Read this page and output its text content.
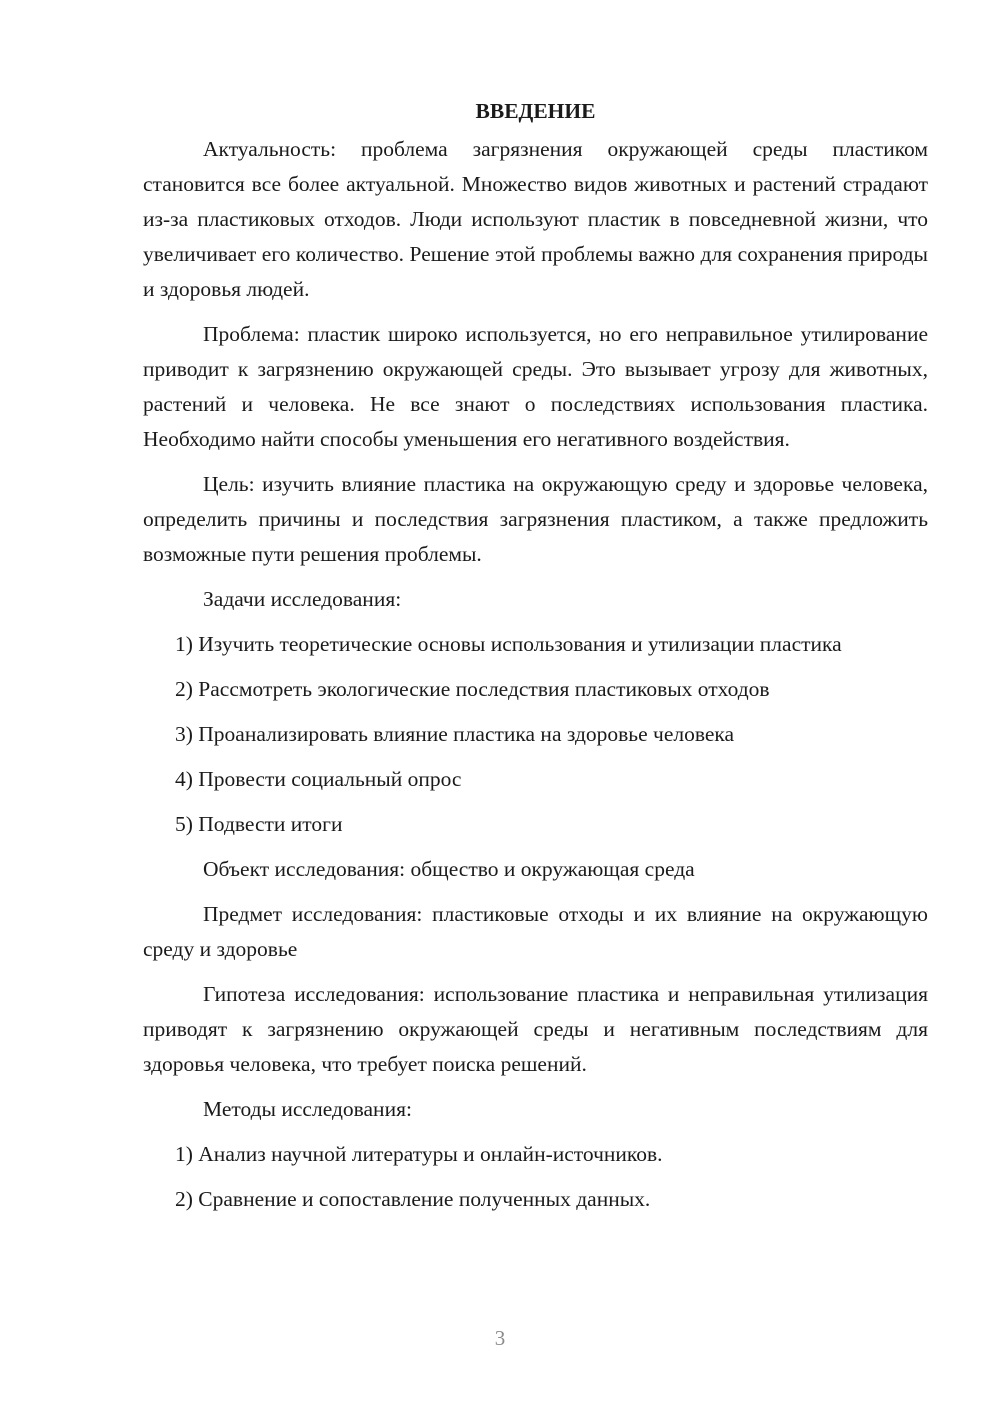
ВВЕДЕНИЕ

Актуальность: проблема загрязнения окружающей среды пластиком становится все более актуальной. Множество видов животных и растений страдают из-за пластиковых отходов. Люди используют пластик в повседневной жизни, что увеличивает его количество. Решение этой проблемы важно для сохранения природы и здоровья людей.

Проблема: пластик широко используется, но его неправильное утилирование приводит к загрязнению окружающей среды. Это вызывает угрозу для животных, растений и человека. Не все знают о последствиях использования пластика. Необходимо найти способы уменьшения его негативного воздействия.

Цель: изучить влияние пластика на окружающую среду и здоровье человека, определить причины и последствия загрязнения пластиком, а также предложить возможные пути решения проблемы.

Задачи исследования:

1) Изучить теоретические основы использования и утилизации пластика

2) Рассмотреть экологические последствия пластиковых отходов

3) Проанализировать влияние пластика на здоровье человека

4) Провести социальный опрос

5) Подвести итоги

Объект исследования: общество и окружающая среда

Предмет исследования: пластиковые отходы и их влияние на окружающую среду и здоровье

Гипотеза исследования: использование пластика и неправильная утилизация приводят к загрязнению окружающей среды и негативным последствиям для здоровья человека, что требует поиска решений.

Методы исследования:

1) Анализ научной литературы и онлайн-источников.

2) Сравнение и сопоставление полученных данных.

3
